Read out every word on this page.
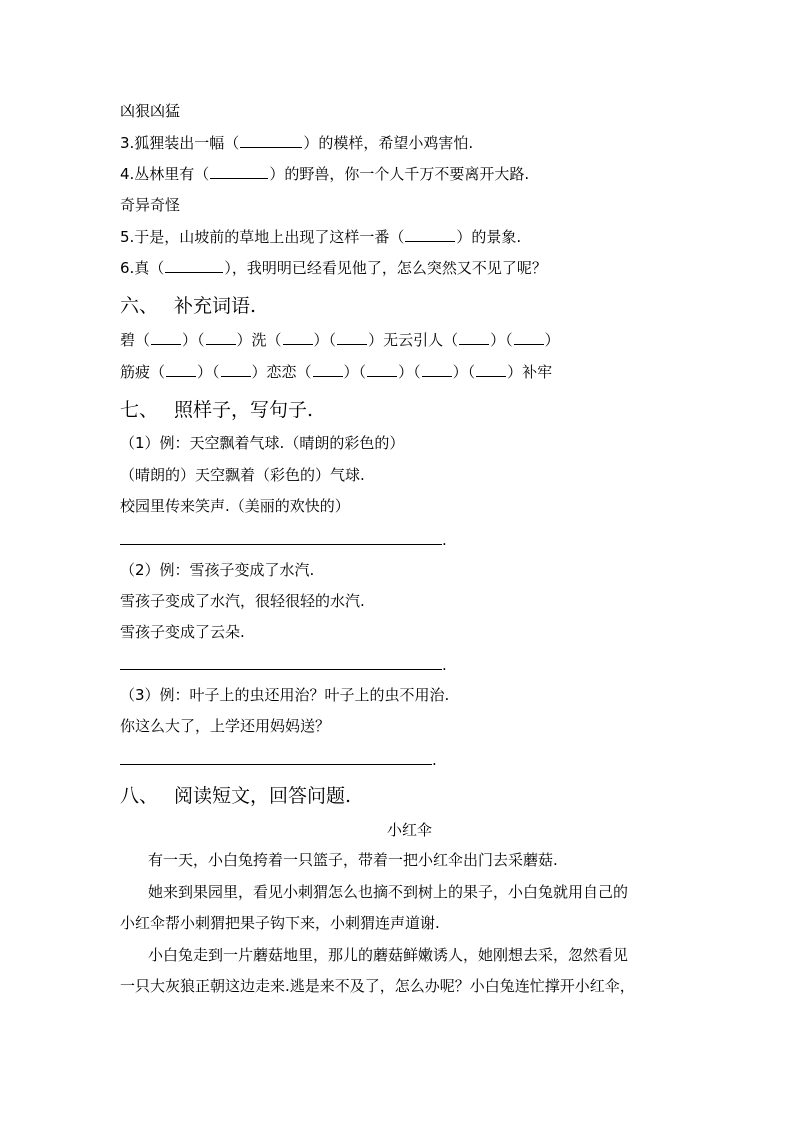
凶狠凶猛
3.狐狸装出一幅（	）的模样，希望小鸡害怕.
4.丛林里有（	）的野兽，你一个人千万不要离开大路.
奇异奇怪
5.于是，山坡前的草地上出现了这样一番（	）的景象.
6.真（	），我明明已经看见他了，怎么突然又不见了呢？
六、 补充词语.
碧（ ）（ ）洗（ ）（ ）无云引人（ ）（ ）
筋疲（ ）（ ）恋恋（ ）（ ）（ ）（ ）补牢
七、 照样子，写句子.
（1）例：天空飘着气球.（晴朗的彩色的）
（晴朗的）天空飘着（彩色的）气球.
校园里传来笑声.（美丽的欢快的）
.
（2）例：雪孩子变成了水汽.
雪孩子变成了水汽，很轻很轻的水汽.
雪孩子变成了云朵.
.
（3）例：叶子上的虫还用治？叶子上的虫不用治.
你这么大了，上学还用妈妈送？
.
八、 阅读短文，回答问题.
小红伞
有一天，小白兔挎着一只篮子，带着一把小红伞出门去采蘑菇.
她来到果园里，看见小刺猬怎么也摘不到树上的果子，小白兔就用自己的
小红伞帮小刺猬把果子钩下来，小刺猬连声道谢.
小白兔走到一片蘑菇地里，那儿的蘑菇鲜嫩诱人，她刚想去采，忽然看见
一只大灰狼正朝这边走来.逃是来不及了，怎么办呢？小白兔连忙撑开小红伞，
